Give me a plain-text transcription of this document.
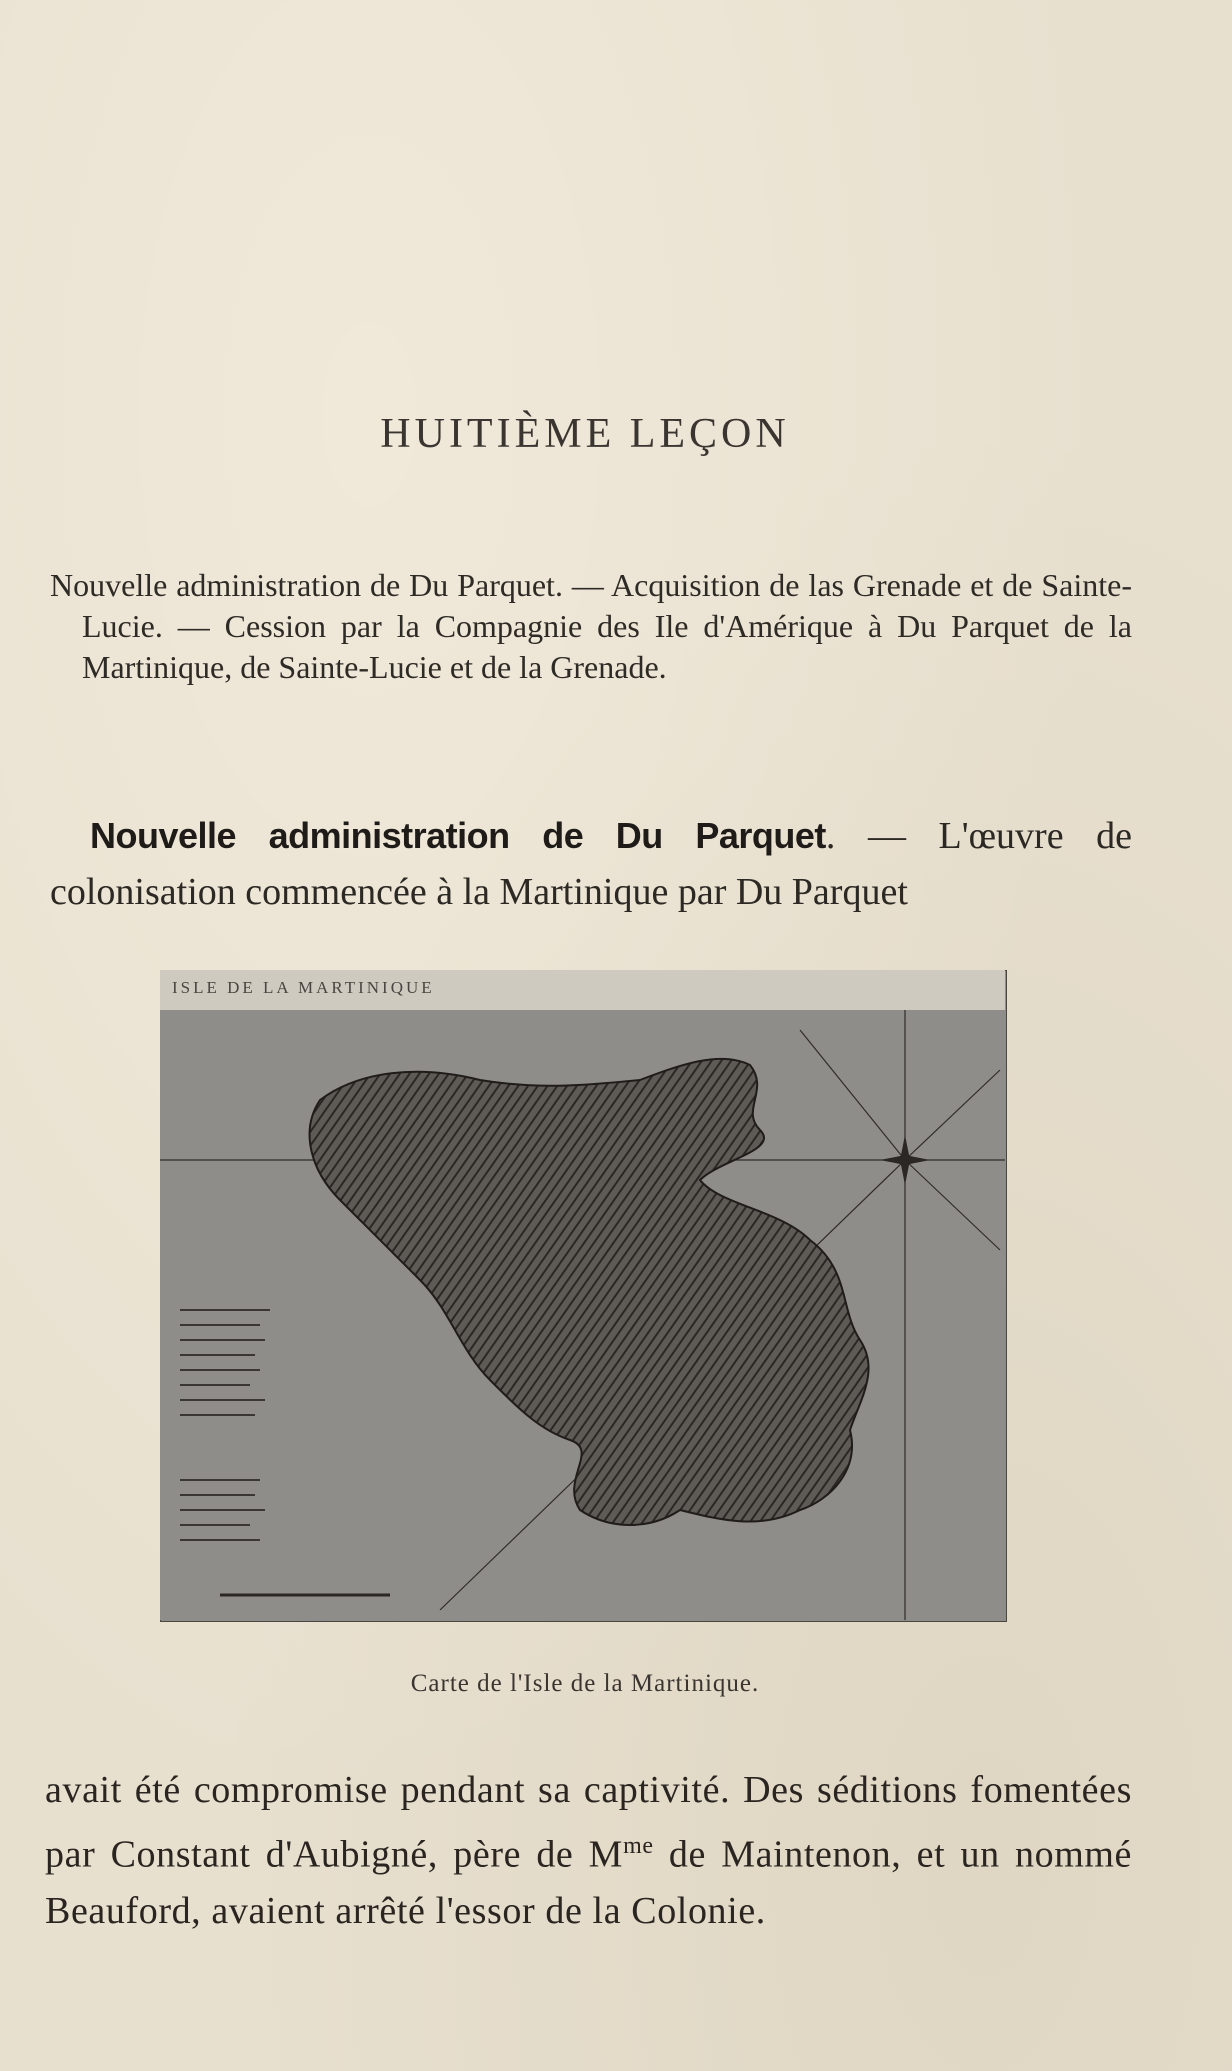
HUITIÈME LEÇON

Nouvelle administration de Du Parquet. — Acquisition de las Grenade et de Sainte-Lucie. — Cession par la Compagnie des Ile d'Amérique à Du Parquet de la Martinique, de Sainte-Lucie et de la Grenade.

Nouvelle administration de Du Parquet. — L'œuvre de colonisation commencée à la Martinique par Du Parquet
ISLE DE LA MARTINIQUE
Carte de l'Isle de la Martinique.
avait été compromise pendant sa captivité. Des séditions fomentées par Constant d'Aubigné, père de $M^{me}$ de Maintenon, et un nommé Beauford, avaient arrêté l'essor de la Colonie.
